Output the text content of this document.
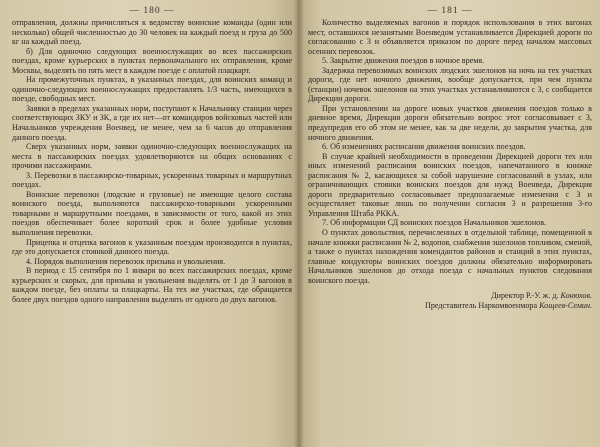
— 180 —

отправления, должны причисляться к ведомству воинские команды (один или несколько) общей численностью до 30 человек на каждый поезд и груза до 500 кг на каждый поезд.

б) Для одиночно следующих военнослужащих во всех пассажирских поездах, кроме курьерских в пунктах первоначального их отправления, кроме Москвы, выделять по пять мест в каждом поезде с оплатой плацкарт.

На промежуточных пунктах, в указанных поездах, для воинских команд и одиночно-следующих военнослужащих предоставлять 1/3 часть, имеющихся в поезде, свободных мест.

Заявки в пределах указанных норм, поступают к Начальнику станции через соответствующих ЗКУ и ЗК, а где их нет—от командиров войсковых частей или Начальников учреждения Военвед, не менее, чем за 6 часов до отправления данного поезда.

Сверх указанных норм, заявки одиночно-следующих военнослужащих на места в пассажирских поездах удовлетворяются на общих основаниях с прочими пассажирами.

3. Перевозки в пассажирско-товарных, ускоренных товарных и маршрутных поездах.

Воинские перевозки (людские и грузовые) не имеющие целого состава воинского поезда, выполняются пассажирско-товарными ускоренными товарными и маршрутными поездами, в зависимости от того, какой из этих поездов обеспечивает более короткий срок и более удобные условия выполнения перевозки.

Прицепка и отцепка вагонов к указанным поездам производится в пунктах, где это допускается стоянкой данного поезда.

4. Порядок выполнения перевозок призыва и увольнения.

В период с 15 сентября по 1 января во всех пассажирских поездах, кроме курьерских и скорых, для призыва и увольнения выделять от 1 до 3 вагонов в каждом поезде, без оплаты за плацкарты. На тех же участках, где обращается более двух поездов одного направления выделять от одного до двух вагонов.

— 181 —

Количество выделяемых вагонов и порядок использования в этих вагонах мест, оставшихся незанятыми Военведом устанавливается Дирекцией дороги по согласованию с 3 и объявляется приказом по дороге перед началом массовых осенних перевозок.

5. Закрытие движения поездов в ночное время.

Задержка перевозимых воинских людских эшелонов на ночь на тех участках дороги, где нет ночного движения, вообще допускается, при чем пункты (станции) ночевок эшелонов на этих участках устанавливаются с 3, с сообщается Дирекции дороги.

При установлении на дороге новых участков движения поездов только в дневное время, Дирекция дороги обязательно вопрос этот согласовывает с 3, предупредив его об этом не менее, как за две недели, до закрытия участка, для ночного движения.

6. Об изменениях расписания движения воинских поездов.

В случае крайней необходимости в проведении Дирекцией дороги тех или иных изменений расписания воинских поездов, напечатанного в книжке расписания № 2, касающихся за собой нарушение согласований в узлах, или ограничивающих стоянки воинских поездов для нужд Военведа, Дирекция дороги предварительно согласовывает предполагаемые изменения с 3 и осуществляет таковые лишь по получении согласия 3 и разрешения 3-го Управления Штаба РККА.

7. Об информации СД воинских поездов Начальников эшелонов.

О пунктах довольствия, перечисленных в отдельной таблице, помещенной в начале книжки расписания № 2, водопоя, снабжения эшелонов топливом, сменой, а также о пунктах нахождения комендантов районов и станций в этих пунктах, главные кондукторы воинских поездов должны обязательно информировать Начальников эшелонов до отхода поезда с начальных пунктов следования воинского поезда.

Директор Р.-У. ж. д. Конюхов.

Представитель Наркомвоенмора Кощеев-Семин.
